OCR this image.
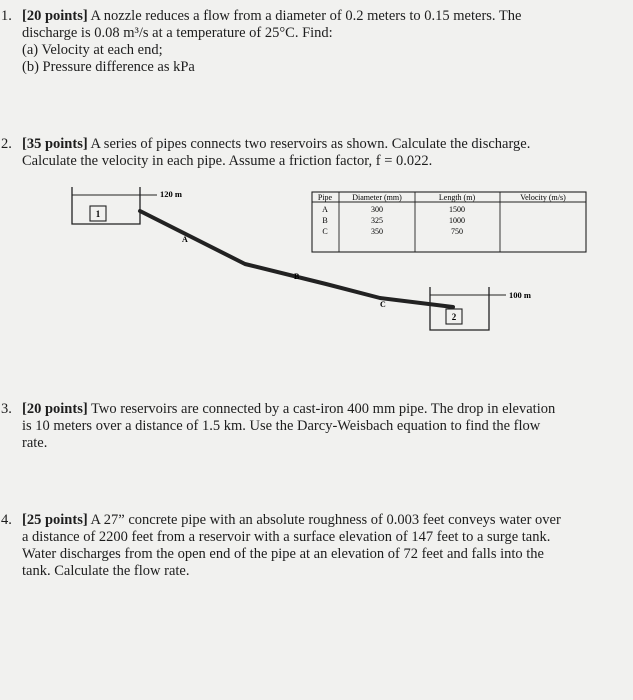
1. [20 points] A nozzle reduces a flow from a diameter of 0.2 meters to 0.15 meters. The
discharge is 0.08 m³/s at a temperature of 25°C. Find:
(a) Velocity at each end;
(b) Pressure difference as kPa
2. [35 points] A series of pipes connects two reservoirs as shown. Calculate the discharge.
Calculate the velocity in each pipe. Assume a friction factor, f = 0.022.
1
120 m
A
B
C
2
100 m
Pipe	Diameter (mm)	Length (m)	Velocity (m/s)
A	300	1500
B	325	1000
C	350	750
3. [20 points] Two reservoirs are connected by a cast-iron 400 mm pipe. The drop in elevation
is 10 meters over a distance of 1.5 km. Use the Darcy-Weisbach equation to find the flow
rate.
4. [25 points] A 27” concrete pipe with an absolute roughness of 0.003 feet conveys water over
a distance of 2200 feet from a reservoir with a surface elevation of 147 feet to a surge tank.
Water discharges from the open end of the pipe at an elevation of 72 feet and falls into the
tank. Calculate the flow rate.
